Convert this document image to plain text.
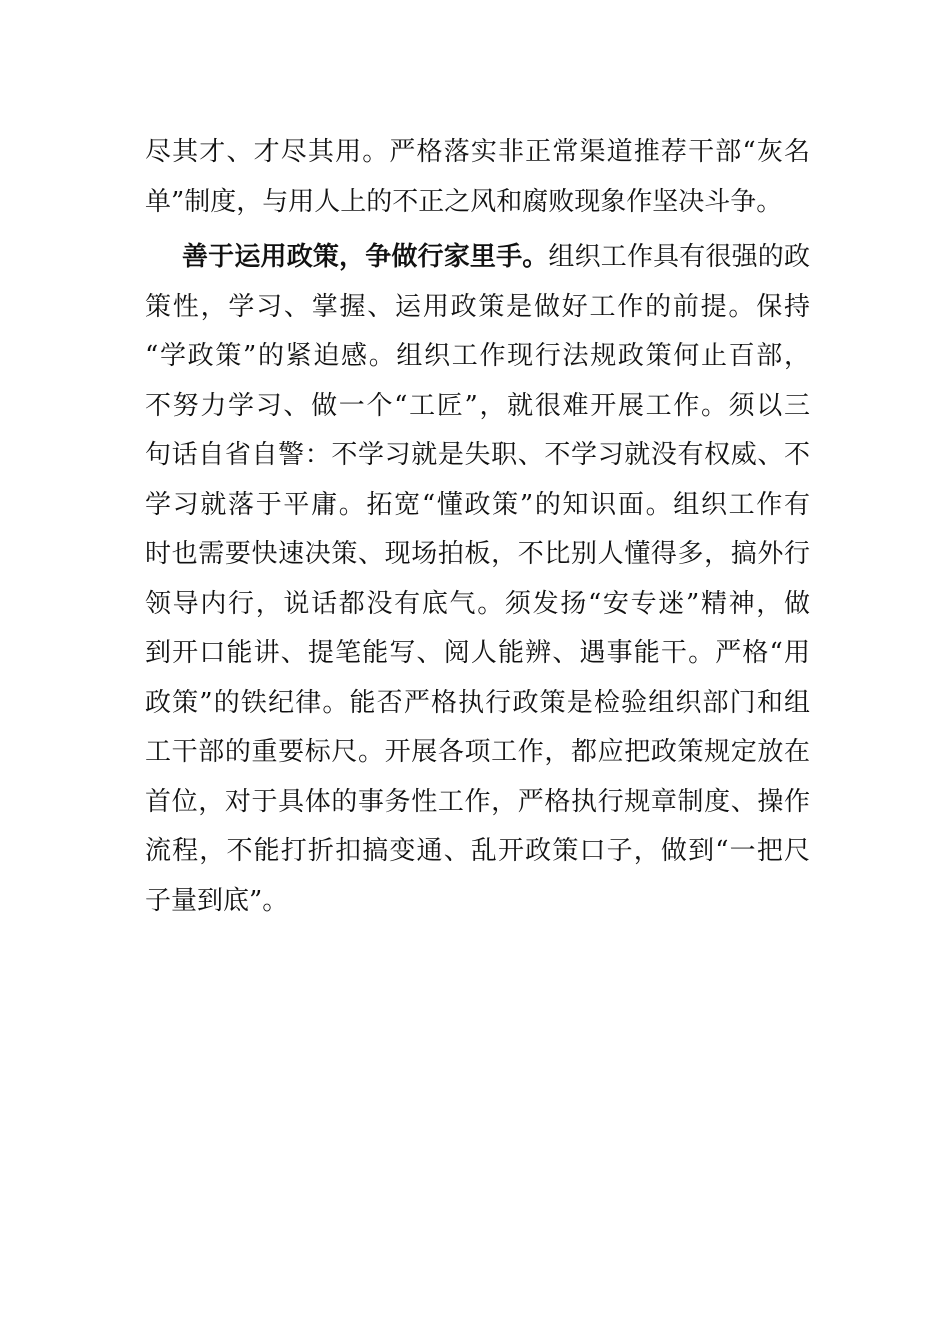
尽其才、才尽其用。严格落实非正常渠道推荐干部“灰名
单”制度，与用人上的不正之风和腐败现象作坚决斗争。
善于运用政策，争做行家里手。组织工作具有很强的政
策性，学习、掌握、运用政策是做好工作的前提。保持
“学政策”的紧迫感。组织工作现行法规政策何止百部，
不努力学习、做一个“工匠”，就很难开展工作。须以三
句话自省自警：不学习就是失职、不学习就没有权威、不
学习就落于平庸。拓宽“懂政策”的知识面。组织工作有
时也需要快速决策、现场拍板，不比别人懂得多，搞外行
领导内行，说话都没有底气。须发扬“安专迷”精神，做
到开口能讲、提笔能写、阅人能辨、遇事能干。严格“用
政策”的铁纪律。能否严格执行政策是检验组织部门和组
工干部的重要标尺。开展各项工作，都应把政策规定放在
首位，对于具体的事务性工作，严格执行规章制度、操作
流程，不能打折扣搞变通、乱开政策口子，做到“一把尺
子量到底”。
